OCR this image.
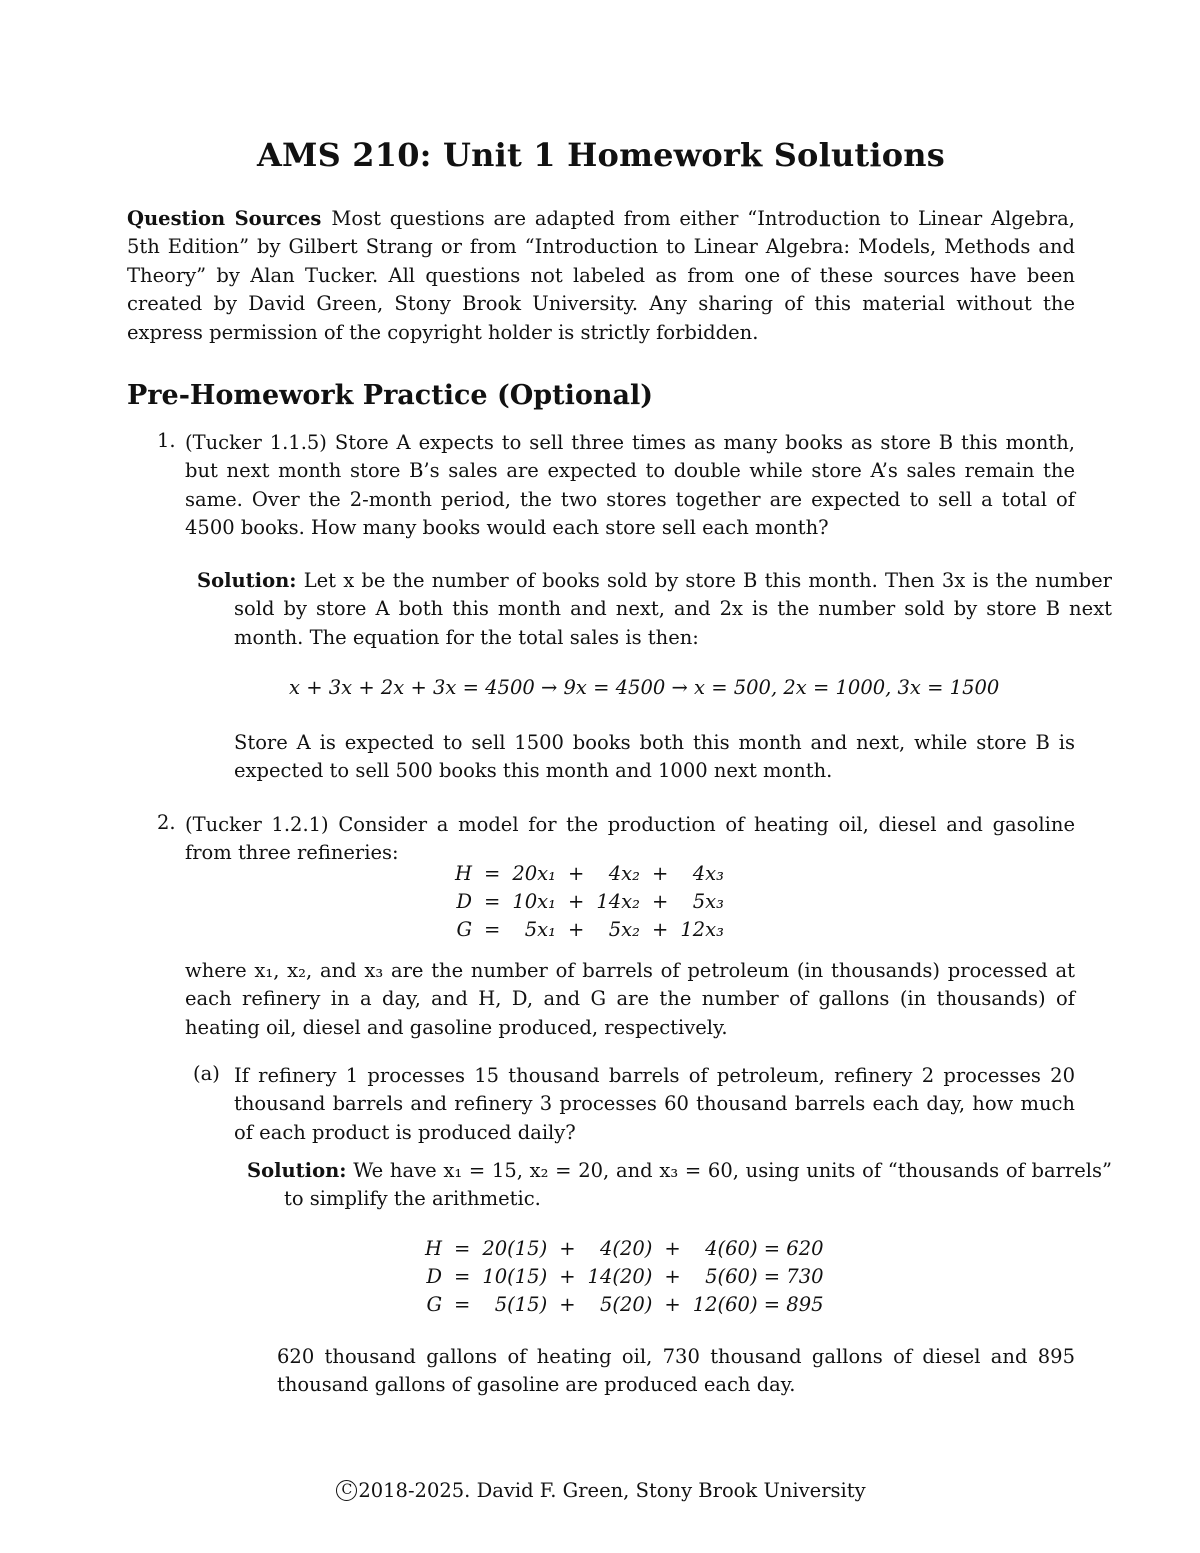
AMS 210: Unit 1 Homework Solutions
Question Sources Most questions are adapted from either “Introduction to Linear Algebra, 5th Edition” by Gilbert Strang or from “Introduction to Linear Algebra: Models, Methods and Theory” by Alan Tucker. All questions not labeled as from one of these sources have been created by David Green, Stony Brook University. Any sharing of this material without the express permission of the copyright holder is strictly forbidden.
Pre-Homework Practice (Optional)
1. (Tucker 1.1.5) Store A expects to sell three times as many books as store B this month, but next month store B’s sales are expected to double while store A’s sales remain the same. Over the 2-month period, the two stores together are expected to sell a total of 4500 books. How many books would each store sell each month?
Solution: Let x be the number of books sold by store B this month. Then 3x is the number sold by store A both this month and next, and 2x is the number sold by store B next month. The equation for the total sales is then:
x + 3x + 2x + 3x = 4500 → 9x = 4500 → x = 500, 2x = 1000, 3x = 1500
Store A is expected to sell 1500 books both this month and next, while store B is expected to sell 500 books this month and 1000 next month.
2. (Tucker 1.2.1) Consider a model for the production of heating oil, diesel and gasoline from three refineries:
H	=	20x₁	+	4x₂	+	4x₃
D	=	10x₁	+	14x₂	+	5x₃
G	=	5x₁	+	5x₂	+	12x₃
where x₁, x₂, and x₃ are the number of barrels of petroleum (in thousands) processed at each refinery in a day, and H, D, and G are the number of gallons (in thousands) of heating oil, diesel and gasoline produced, respectively.
(a) If refinery 1 processes 15 thousand barrels of petroleum, refinery 2 processes 20 thousand barrels and refinery 3 processes 60 thousand barrels each day, how much of each product is produced daily?
Solution: We have x₁ = 15, x₂ = 20, and x₃ = 60, using units of “thousands of barrels” to simplify the arithmetic.
H	=	20(15)	+	4(20)	+	4(60) = 620
D	=	10(15)	+	14(20)	+	5(60) = 730
G	=	5(15)	+	5(20)	+	12(60) = 895
620 thousand gallons of heating oil, 730 thousand gallons of diesel and 895 thousand gallons of gasoline are produced each day.
C 2018-2025. David F. Green, Stony Brook University
